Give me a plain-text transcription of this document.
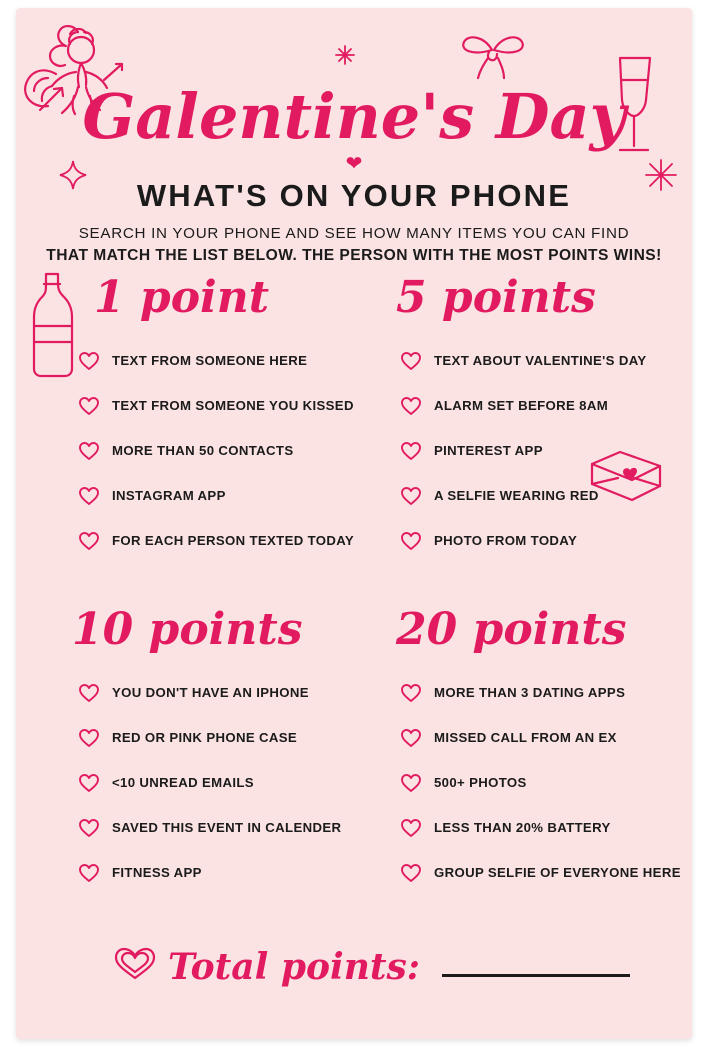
Galentine's Day
❤
WHAT'S ON YOUR PHONE
SEARCH IN YOUR PHONE AND SEE HOW MANY ITEMS YOU CAN FIND
THAT MATCH THE LIST BELOW. THE PERSON WITH THE MOST POINTS WINS!
1 point
TEXT FROM SOMEONE HERE
TEXT FROM SOMEONE YOU KISSED
MORE THAN 50 CONTACTS
INSTAGRAM APP
FOR EACH PERSON TEXTED TODAY
5 points
TEXT ABOUT VALENTINE'S DAY
ALARM SET BEFORE 8AM
PINTEREST APP
A SELFIE WEARING RED
PHOTO FROM TODAY
10 points
YOU DON'T HAVE AN IPHONE
RED OR PINK PHONE CASE
<10 UNREAD EMAILS
SAVED THIS EVENT IN CALENDER
FITNESS APP
20 points
MORE THAN 3 DATING APPS
MISSED CALL FROM AN EX
500+ PHOTOS
LESS THAN 20% BATTERY
GROUP SELFIE OF EVERYONE HERE
Total points:
